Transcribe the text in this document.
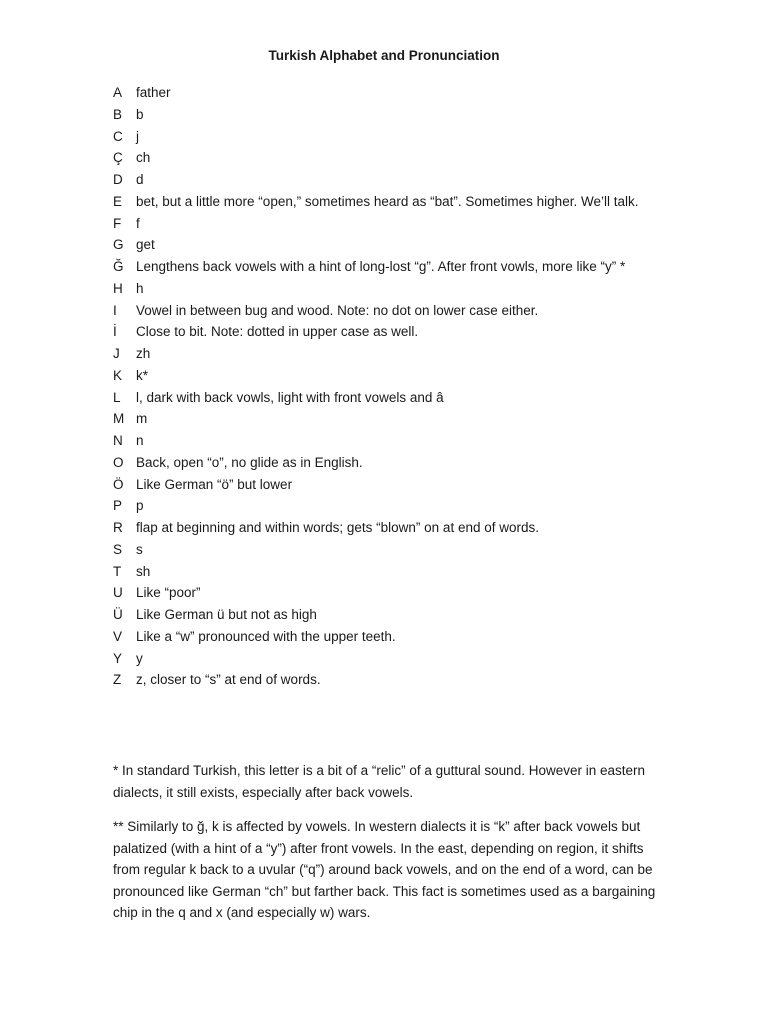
Turkish Alphabet and Pronunciation
A father
B b
C j
Ç ch
D d
E bet, but a little more “open,” sometimes heard as “bat”. Sometimes higher. We’ll talk.
F f
G get
Ğ Lengthens back vowels with a hint of long-lost “g”. After front vowls, more like “y” *
H h
I Vowel in between bug and wood. Note: no dot on lower case either.
İ Close to bit. Note: dotted in upper case as well.
J zh
K k*
L l, dark with back vowls, light with front vowels and â
M m
N n
O Back, open “o”, no glide as in English.
Ö Like German “ö” but lower
P p
R flap at beginning and within words; gets “blown” on at end of words.
S s
T sh
U Like “poor”
Ü Like German ü but not as high
V Like a “w” pronounced with the upper teeth.
Y y
Z z, closer to “s” at end of words.

* In standard Turkish, this letter is a bit of a “relic” of a guttural sound. However in eastern dialects, it still exists, especially after back vowels.

** Similarly to ğ, k is affected by vowels. In western dialects it is “k” after back vowels but palatized (with a hint of a “y”) after front vowels. In the east, depending on region, it shifts from regular k back to a uvular (“q”) around back vowels, and on the end of a word, can be pronounced like German “ch” but farther back. This fact is sometimes used as a bargaining chip in the q and x (and especially w) wars.
